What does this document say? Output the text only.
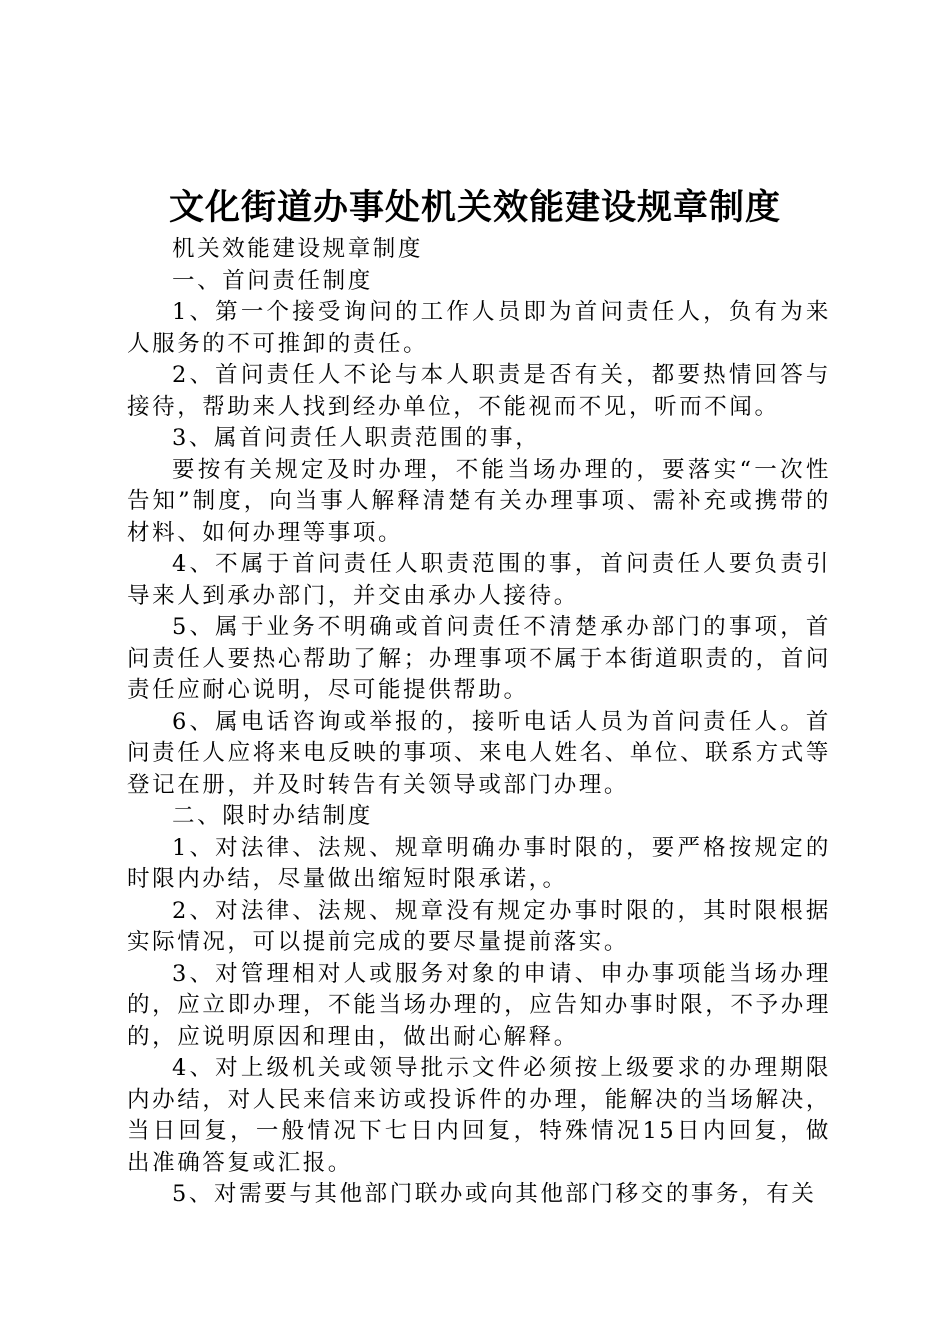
文化街道办事处机关效能建设规章制度

机关效能建设规章制度

一、首问责任制度

1、第一个接受询问的工作人员即为首问责任人，负有为来人服务的不可推卸的责任。

2、首问责任人不论与本人职责是否有关，都要热情回答与接待，帮助来人找到经办单位，不能视而不见，听而不闻。

3、属首问责任人职责范围的事，

要按有关规定及时办理，不能当场办理的，要落实“一次性告知”制度，向当事人解释清楚有关办理事项、需补充或携带的材料、如何办理等事项。

4、不属于首问责任人职责范围的事，首问责任人要负责引导来人到承办部门，并交由承办人接待。

5、属于业务不明确或首问责任不清楚承办部门的事项，首问责任人要热心帮助了解；办理事项不属于本街道职责的，首问责任应耐心说明，尽可能提供帮助。

6、属电话咨询或举报的，接听电话人员为首问责任人。首问责任人应将来电反映的事项、来电人姓名、单位、联系方式等登记在册，并及时转告有关领导或部门办理。

二、限时办结制度

1、对法律、法规、规章明确办事时限的，要严格按规定的时限内办结，尽量做出缩短时限承诺，。

2、对法律、法规、规章没有规定办事时限的，其时限根据实际情况，可以提前完成的要尽量提前落实。

3、对管理相对人或服务对象的申请、申办事项能当场办理的，应立即办理，不能当场办理的，应告知办事时限，不予办理的，应说明原因和理由，做出耐心解释。

4、对上级机关或领导批示文件必须按上级要求的办理期限内办结，对人民来信来访或投诉件的办理，能解决的当场解决，当日回复，一般情况下七日内回复，特殊情况15日内回复，做出准确答复或汇报。

5、对需要与其他部门联办或向其他部门移交的事务，有关
